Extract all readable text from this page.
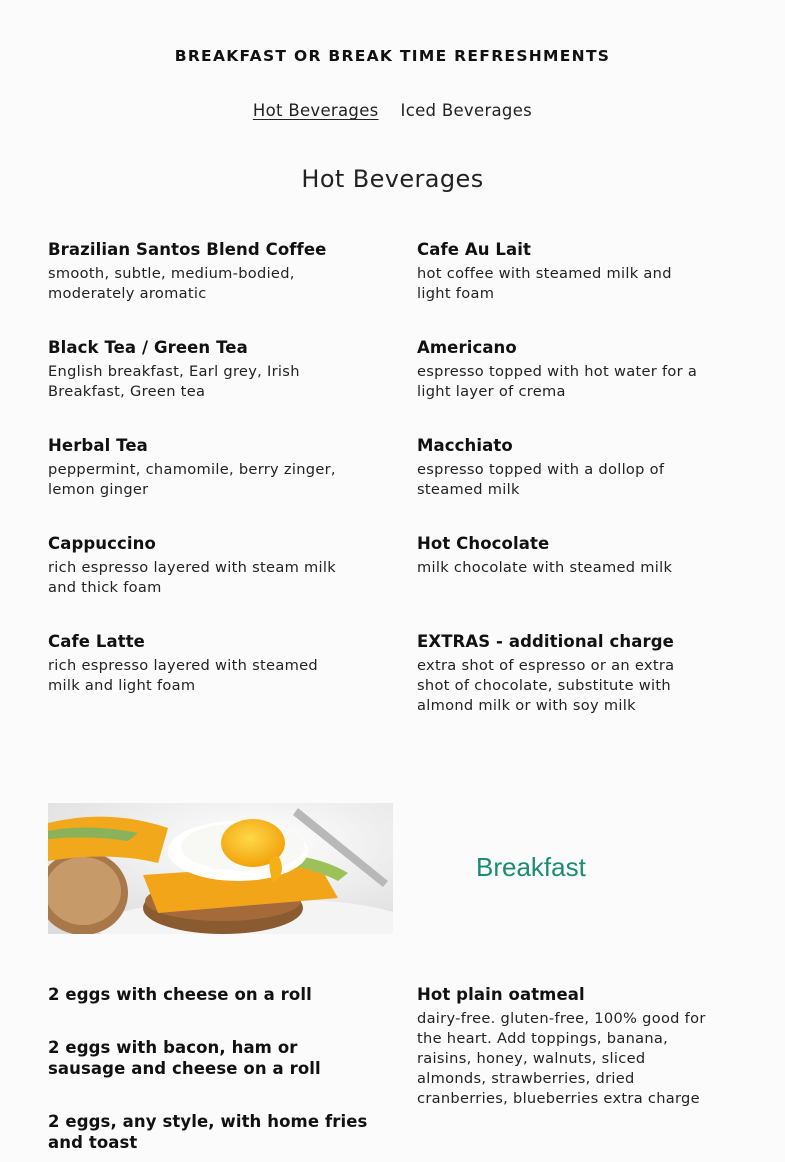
BREAKFAST OR BREAK TIME REFRESHMENTS
Hot Beverages Iced Beverages
Hot Beverages
Brazilian Santos Blend Coffee
smooth, subtle, medium-bodied, moderately aromatic
Black Tea / Green Tea
English breakfast, Earl grey, Irish Breakfast, Green tea
Herbal Tea
peppermint, chamomile, berry zinger, lemon ginger
Cappuccino
rich espresso layered with steam milk and thick foam
Cafe Latte
rich espresso layered with steamed milk and light foam
Cafe Au Lait
hot coffee with steamed milk and light foam
Americano
espresso topped with hot water for a light layer of crema
Macchiato
espresso topped with a dollop of steamed milk
Hot Chocolate
milk chocolate with steamed milk
EXTRAS - additional charge
extra shot of espresso or an extra shot of chocolate, substitute with almond milk or with soy milk
Breakfast
2 eggs with cheese on a roll
2 eggs with bacon, ham or sausage and cheese on a roll
2 eggs, any style, with home fries and toast
Hot plain oatmeal
dairy-free. gluten-free, 100% good for the heart. Add toppings, banana, raisins, honey, walnuts, sliced almonds, strawberries, dried cranberries, blueberries extra charge
